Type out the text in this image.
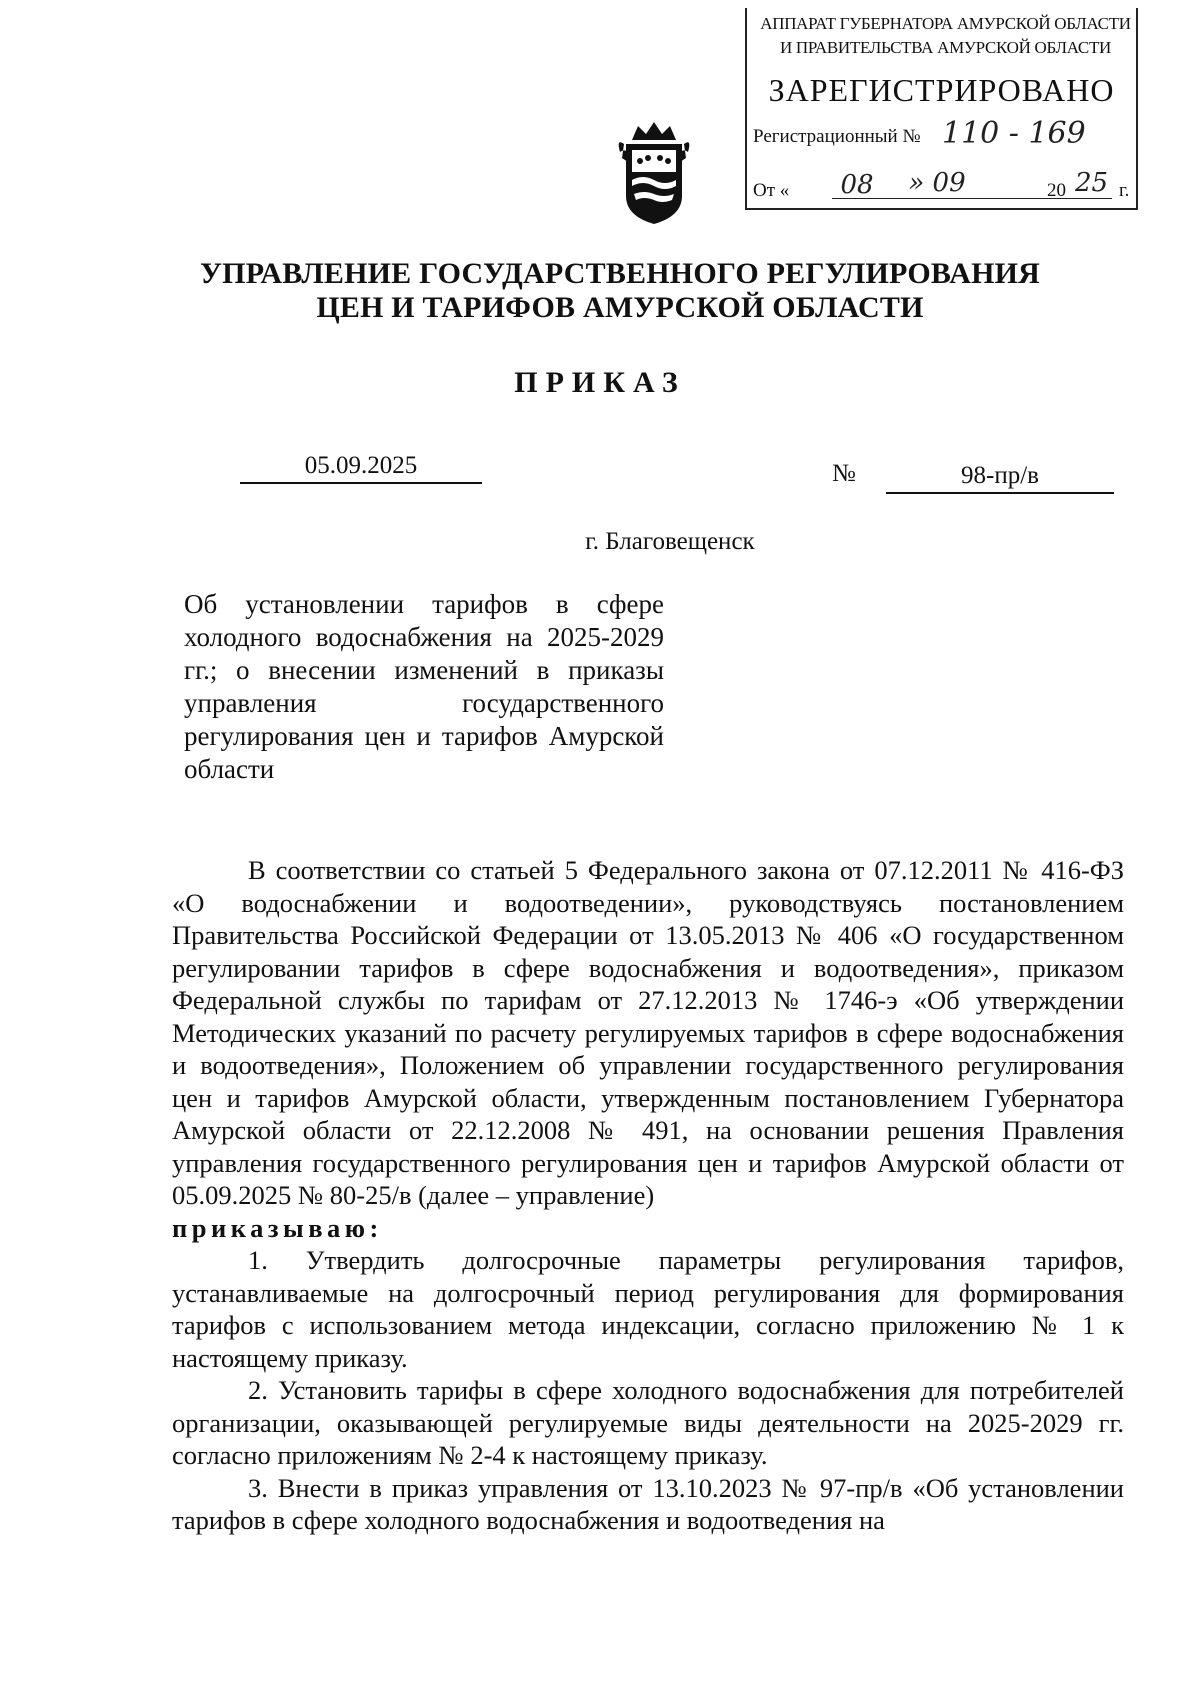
АППАРАТ ГУБЕРНАТОРА АМУРСКОЙ ОБЛАСТИ
И ПРАВИТЕЛЬСТВА АМУРСКОЙ ОБЛАСТИ
ЗАРЕГИСТРИРОВАНО
Регистрационный № 110 - 169
От «	08	» 09	20 25 г.
УПРАВЛЕНИЕ ГОСУДАРСТВЕННОГО РЕГУЛИРОВАНИЯ
ЦЕН И ТАРИФОВ АМУРСКОЙ ОБЛАСТИ
ПРИКАЗ
05.09.2025	№	98-пр/в
г. Благовещенск
Об установлении тарифов в сфере холодного водоснабжения на 2025-2029 гг.; о внесении изменений в приказы управления государственного регулирования цен и тарифов Амурской области

В соответствии со статьей 5 Федерального закона от 07.12.2011 № 416-ФЗ «О водоснабжении и водоотведении», руководствуясь постановлением Правительства Российской Федерации от 13.05.2013 № 406 «О государственном регулировании тарифов в сфере водоснабжения и водоотведения», приказом Федеральной службы по тарифам от 27.12.2013 № 1746-э «Об утверждении Методических указаний по расчету регулируемых тарифов в сфере водоснабжения и водоотведения», Положением об управлении государственного регулирования цен и тарифов Амурской области, утвержденным постановлением Губернатора Амурской области от 22.12.2008 № 491, на основании решения Правления управления государственного регулирования цен и тарифов Амурской области от 05.09.2025 № 80-25/в (далее – управление)

приказываю:

1. Утвердить долгосрочные параметры регулирования тарифов, устанавливаемые на долгосрочный период регулирования для формирования тарифов с использованием метода индексации, согласно приложению № 1 к настоящему приказу.

2. Установить тарифы в сфере холодного водоснабжения для потребителей организации, оказывающей регулируемые виды деятельности на 2025-2029 гг. согласно приложениям № 2-4 к настоящему приказу.

3. Внести в приказ управления от 13.10.2023 № 97-пр/в «Об установлении тарифов в сфере холодного водоснабжения и водоотведения на
